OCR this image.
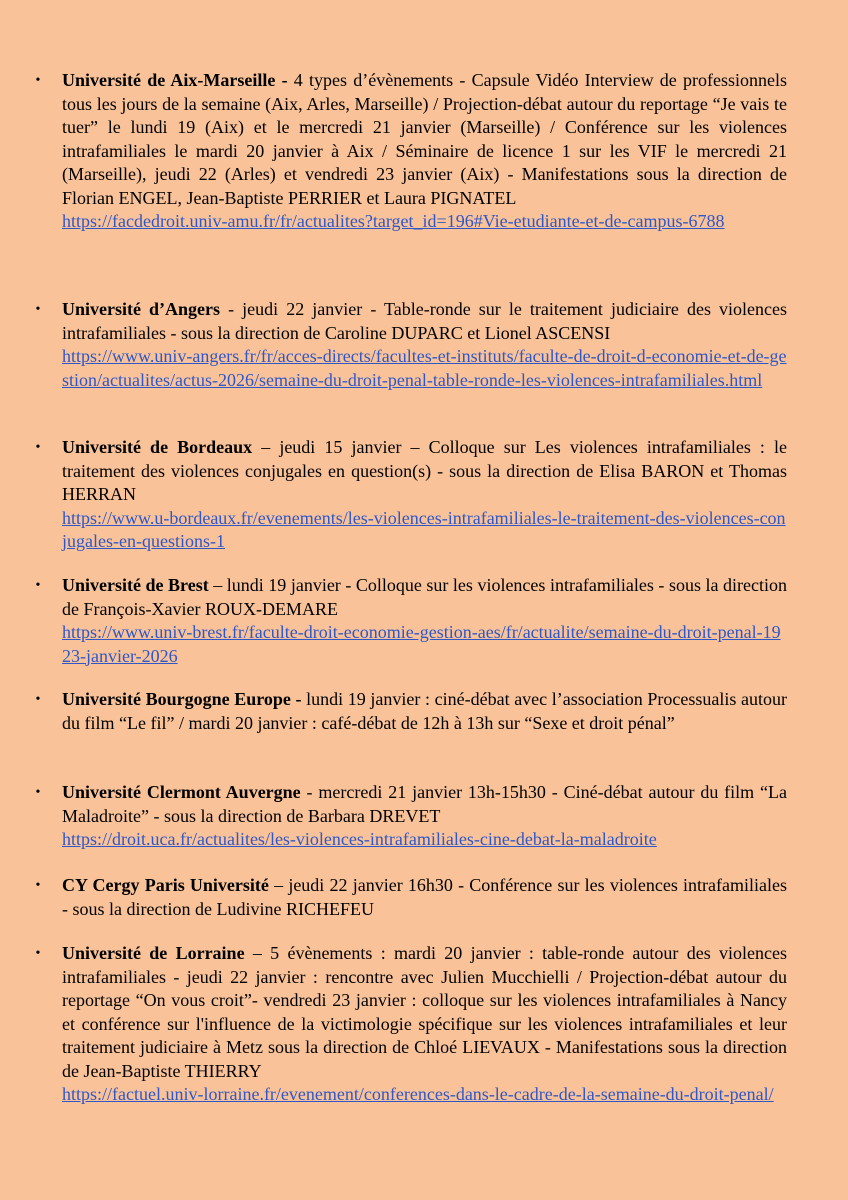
• Université de Aix-Marseille - 4 types d’évènements - Capsule Vidéo Interview de professionnels tous les jours de la semaine (Aix, Arles, Marseille) / Projection-débat autour du reportage “Je vais te tuer” le lundi 19 (Aix) et le mercredi 21 janvier (Marseille) / Conférence sur les violences intrafamiliales le mardi 20 janvier à Aix / Séminaire de licence 1 sur les VIF le mercredi 21 (Marseille), jeudi 22 (Arles) et vendredi 23 janvier (Aix) - Manifestations sous la direction de Florian ENGEL, Jean-Baptiste PERRIER et Laura PIGNATEL
https://facdedroit.univ-amu.fr/fr/actualites?target_id=196#Vie-etudiante-et-de-campus-6788
• Université d’Angers - jeudi 22 janvier - Table-ronde sur le traitement judiciaire des violences intrafamiliales - sous la direction de Caroline DUPARC et Lionel ASCENSI
https://www.univ-angers.fr/fr/acces-directs/facultes-et-instituts/faculte-de-droit-d-economie-et-de-gestion/actualites/actus-2026/semaine-du-droit-penal-table-ronde-les-violences-intrafamiliales.html
• Université de Bordeaux – jeudi 15 janvier – Colloque sur Les violences intrafamiliales : le traitement des violences conjugales en question(s) - sous la direction de Elisa BARON et Thomas HERRAN
https://www.u-bordeaux.fr/evenements/les-violences-intrafamiliales-le-traitement-des-violences-conjugales-en-questions-1
• Université de Brest – lundi 19 janvier - Colloque sur les violences intrafamiliales - sous la direction de François-Xavier ROUX-DEMARE
https://www.univ-brest.fr/faculte-droit-economie-gestion-aes/fr/actualite/semaine-du-droit-penal-1923-janvier-2026
• Université Bourgogne Europe - lundi 19 janvier : ciné-débat avec l’association Processualis autour du film “Le fil” / mardi 20 janvier : café-débat de 12h à 13h sur “Sexe et droit pénal”
• Université Clermont Auvergne - mercredi 21 janvier 13h-15h30 - Ciné-débat autour du film “La Maladroite” - sous la direction de Barbara DREVET
https://droit.uca.fr/actualites/les-violences-intrafamiliales-cine-debat-la-maladroite
• CY Cergy Paris Université – jeudi 22 janvier 16h30 - Conférence sur les violences intrafamiliales - sous la direction de Ludivine RICHEFEU
• Université de Lorraine – 5 évènements : mardi 20 janvier : table-ronde autour des violences intrafamiliales - jeudi 22 janvier : rencontre avec Julien Mucchielli / Projection-débat autour du reportage “On vous croit”- vendredi 23 janvier : colloque sur les violences intrafamiliales à Nancy et conférence sur l'influence de la victimologie spécifique sur les violences intrafamiliales et leur traitement judiciaire à Metz sous la direction de Chloé LIEVAUX - Manifestations sous la direction de Jean-Baptiste THIERRY
https://factuel.univ-lorraine.fr/evenement/conferences-dans-le-cadre-de-la-semaine-du-droit-penal/
